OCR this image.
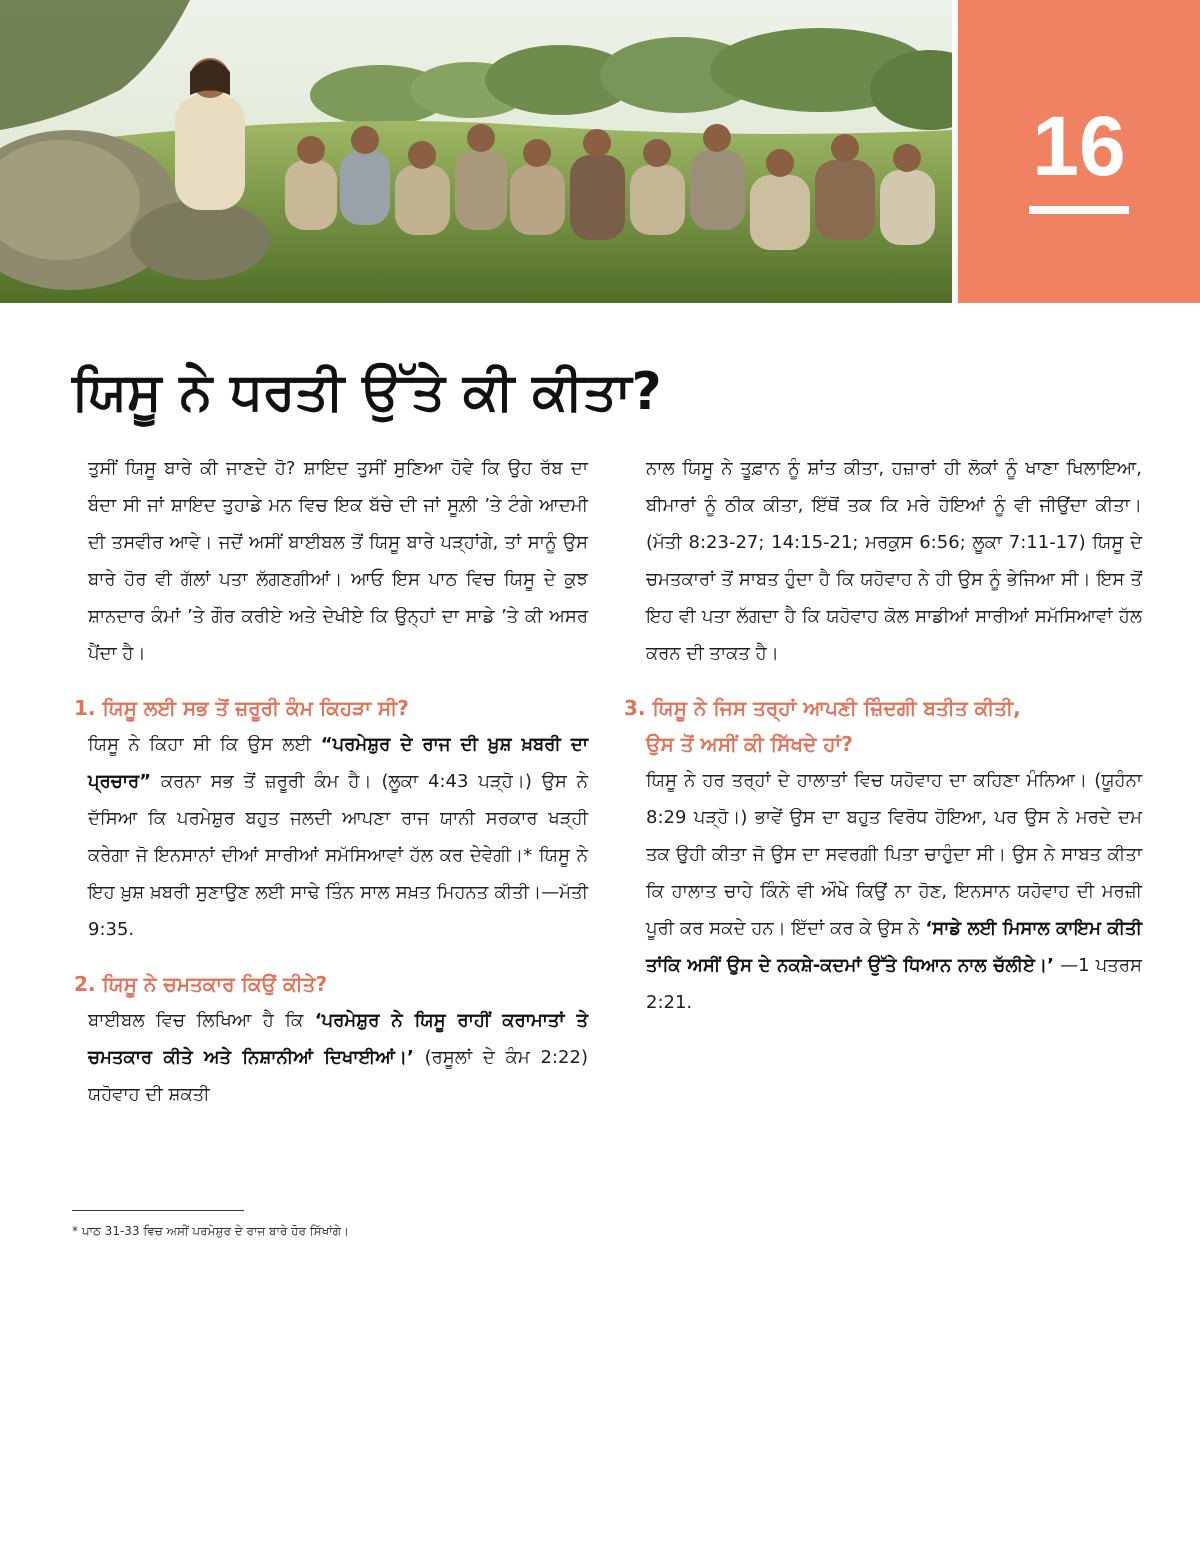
16
ਯਿਸੂ ਨੇ ਧਰਤੀ ਉੱਤੇ ਕੀ ਕੀਤਾ?

ਤੁਸੀਂ ਯਿਸੂ ਬਾਰੇ ਕੀ ਜਾਣਦੇ ਹੋ? ਸ਼ਾਇਦ ਤੁਸੀਂ ਸੁਣਿਆ ਹੋਵੇ ਕਿ ਉਹ ਰੱਬ ਦਾ ਬੰਦਾ ਸੀ ਜਾਂ ਸ਼ਾਇਦ ਤੁਹਾਡੇ ਮਨ ਵਿਚ ਇਕ ਬੱਚੇ ਦੀ ਜਾਂ ਸੂਲ਼ੀ ’ਤੇ ਟੰਗੇ ਆਦਮੀ ਦੀ ਤਸਵੀਰ ਆਵੇ। ਜਦੋਂ ਅਸੀਂ ਬਾਈਬਲ ਤੋਂ ਯਿਸੂ ਬਾਰੇ ਪੜ੍ਹਾਂਗੇ, ਤਾਂ ਸਾਨੂੰ ਉਸ ਬਾਰੇ ਹੋਰ ਵੀ ਗੱਲਾਂ ਪਤਾ ਲੱਗਣਗੀਆਂ। ਆਓ ਇਸ ਪਾਠ ਵਿਚ ਯਿਸੂ ਦੇ ਕੁਝ ਸ਼ਾਨਦਾਰ ਕੰਮਾਂ ’ਤੇ ਗੌਰ ਕਰੀਏ ਅਤੇ ਦੇਖੀਏ ਕਿ ਉਨ੍ਹਾਂ ਦਾ ਸਾਡੇ ’ਤੇ ਕੀ ਅਸਰ ਪੈਂਦਾ ਹੈ।

1. ਯਿਸੂ ਲਈ ਸਭ ਤੋਂ ਜ਼ਰੂਰੀ ਕੰਮ ਕਿਹੜਾ ਸੀ?

ਯਿਸੂ ਨੇ ਕਿਹਾ ਸੀ ਕਿ ਉਸ ਲਈ “ਪਰਮੇਸ਼ੁਰ ਦੇ ਰਾਜ ਦੀ ਖ਼ੁਸ਼ ਖ਼ਬਰੀ ਦਾ ਪ੍ਰਚਾਰ” ਕਰਨਾ ਸਭ ਤੋਂ ਜ਼ਰੂਰੀ ਕੰਮ ਹੈ। (ਲੂਕਾ 4:43 ਪੜ੍ਹੋ।) ਉਸ ਨੇ ਦੱਸਿਆ ਕਿ ਪਰਮੇਸ਼ੁਰ ਬਹੁਤ ਜਲਦੀ ਆਪਣਾ ਰਾਜ ਯਾਨੀ ਸਰਕਾਰ ਖੜ੍ਹੀ ਕਰੇਗਾ ਜੋ ਇਨਸਾਨਾਂ ਦੀਆਂ ਸਾਰੀਆਂ ਸਮੱਸਿਆਵਾਂ ਹੱਲ ਕਰ ਦੇਵੇਗੀ।* ਯਿਸੂ ਨੇ ਇਹ ਖ਼ੁਸ਼ ਖ਼ਬਰੀ ਸੁਣਾਉਣ ਲਈ ਸਾਢੇ ਤਿੰਨ ਸਾਲ ਸਖ਼ਤ ਮਿਹਨਤ ਕੀਤੀ।—ਮੱਤੀ 9:35.

2. ਯਿਸੂ ਨੇ ਚਮਤਕਾਰ ਕਿਉਂ ਕੀਤੇ?

ਬਾਈਬਲ ਵਿਚ ਲਿਖਿਆ ਹੈ ਕਿ ‘ਪਰਮੇਸ਼ੁਰ ਨੇ ਯਿਸੂ ਰਾਹੀਂ ਕਰਾਮਾਤਾਂ ਤੇ ਚਮਤਕਾਰ ਕੀਤੇ ਅਤੇ ਨਿਸ਼ਾਨੀਆਂ ਦਿਖਾਈਆਂ।’ (ਰਸੂਲਾਂ ਦੇ ਕੰਮ 2:22) ਯਹੋਵਾਹ ਦੀ ਸ਼ਕਤੀ

ਨਾਲ ਯਿਸੂ ਨੇ ਤੂਫ਼ਾਨ ਨੂੰ ਸ਼ਾਂਤ ਕੀਤਾ, ਹਜ਼ਾਰਾਂ ਹੀ ਲੋਕਾਂ ਨੂੰ ਖਾਣਾ ਖਿਲਾਇਆ, ਬੀਮਾਰਾਂ ਨੂੰ ਠੀਕ ਕੀਤਾ, ਇੱਥੋਂ ਤਕ ਕਿ ਮਰੇ ਹੋਇਆਂ ਨੂੰ ਵੀ ਜੀਉਂਦਾ ਕੀਤਾ। (ਮੱਤੀ 8:23-27; 14:15-21; ਮਰਕੁਸ 6:56; ਲੂਕਾ 7:11-17) ਯਿਸੂ ਦੇ ਚਮਤਕਾਰਾਂ ਤੋਂ ਸਾਬਤ ਹੁੰਦਾ ਹੈ ਕਿ ਯਹੋਵਾਹ ਨੇ ਹੀ ਉਸ ਨੂੰ ਭੇਜਿਆ ਸੀ। ਇਸ ਤੋਂ ਇਹ ਵੀ ਪਤਾ ਲੱਗਦਾ ਹੈ ਕਿ ਯਹੋਵਾਹ ਕੋਲ ਸਾਡੀਆਂ ਸਾਰੀਆਂ ਸਮੱਸਿਆਵਾਂ ਹੱਲ ਕਰਨ ਦੀ ਤਾਕਤ ਹੈ।

3. ਯਿਸੂ ਨੇ ਜਿਸ ਤਰ੍ਹਾਂ ਆਪਣੀ ਜ਼ਿੰਦਗੀ ਬਤੀਤ ਕੀਤੀ,
ਉਸ ਤੋਂ ਅਸੀਂ ਕੀ ਸਿੱਖਦੇ ਹਾਂ?

ਯਿਸੂ ਨੇ ਹਰ ਤਰ੍ਹਾਂ ਦੇ ਹਾਲਾਤਾਂ ਵਿਚ ਯਹੋਵਾਹ ਦਾ ਕਹਿਣਾ ਮੰਨਿਆ। (ਯੂਹੰਨਾ 8:29 ਪੜ੍ਹੋ।) ਭਾਵੇਂ ਉਸ ਦਾ ਬਹੁਤ ਵਿਰੋਧ ਹੋਇਆ, ਪਰ ਉਸ ਨੇ ਮਰਦੇ ਦਮ ਤਕ ਉਹੀ ਕੀਤਾ ਜੋ ਉਸ ਦਾ ਸਵਰਗੀ ਪਿਤਾ ਚਾਹੁੰਦਾ ਸੀ। ਉਸ ਨੇ ਸਾਬਤ ਕੀਤਾ ਕਿ ਹਾਲਾਤ ਚਾਹੇ ਕਿੰਨੇ ਵੀ ਔਖੇ ਕਿਉਂ ਨਾ ਹੋਣ, ਇਨਸਾਨ ਯਹੋਵਾਹ ਦੀ ਮਰਜ਼ੀ ਪੂਰੀ ਕਰ ਸਕਦੇ ਹਨ। ਇੱਦਾਂ ਕਰ ਕੇ ਉਸ ਨੇ ‘ਸਾਡੇ ਲਈ ਮਿਸਾਲ ਕਾਇਮ ਕੀਤੀ ਤਾਂਕਿ ਅਸੀਂ ਉਸ ਦੇ ਨਕਸ਼ੇ-ਕਦਮਾਂ ਉੱਤੇ ਧਿਆਨ ਨਾਲ ਚੱਲੀਏ।’ —1 ਪਤਰਸ 2:21.

* ਪਾਠ 31-33 ਵਿਚ ਅਸੀਂ ਪਰਮੇਸ਼ੁਰ ਦੇ ਰਾਜ ਬਾਰੇ ਹੋਰ ਸਿੱਖਾਂਗੇ।
